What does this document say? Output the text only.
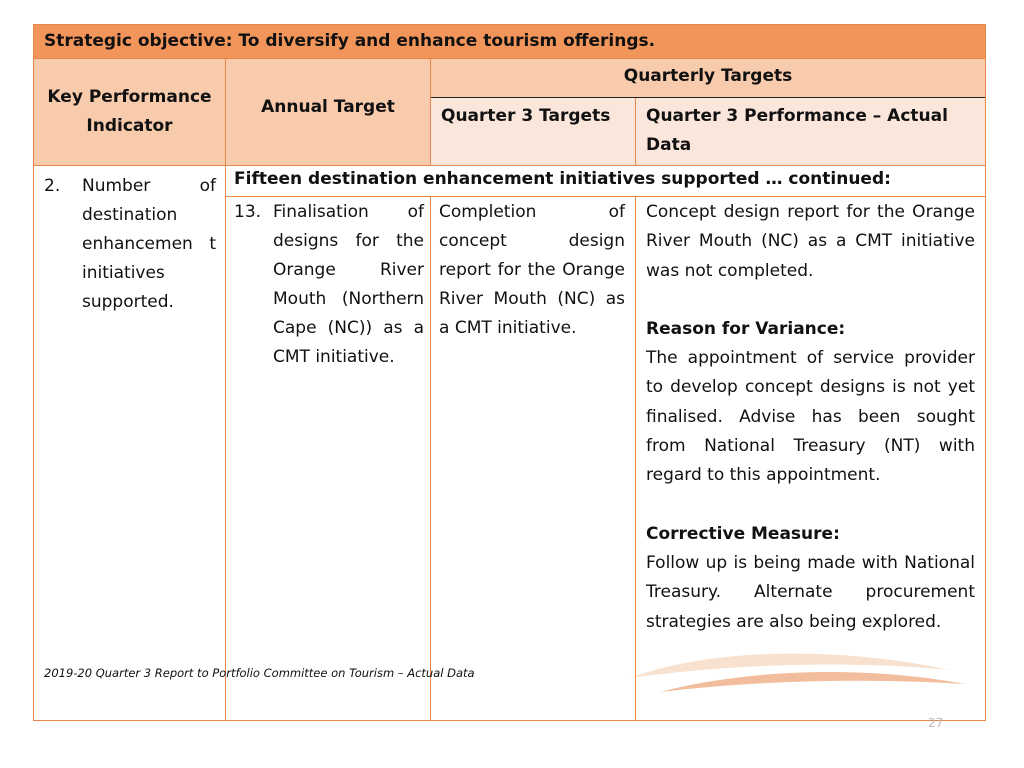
Strategic objective: To diversify and enhance tourism offerings.
Key Performance Indicator
Annual Target
Quarterly Targets
Quarter 3 Targets	Quarter 3 Performance – Actual Data
2.	Number of destination enhancemen t initiatives supported.
Fifteen destination enhancement initiatives supported … continued:
13. Finalisation of designs for the Orange River Mouth (Northern Cape (NC)) as a CMT initiative.
Completion of concept design report for the Orange River Mouth (NC) as a CMT initiative.

Concept design report for the Orange River Mouth (NC) as a CMT initiative was not completed.

Reason for Variance:

The appointment of service provider to develop concept designs is not yet finalised. Advise has been sought from National Treasury (NT) with regard to this appointment.

Corrective Measure:

Follow up is being made with National Treasury. Alternate procurement strategies are also being explored.

2019-20 Quarter 3 Report to Portfolio Committee on Tourism – Actual Data
27
